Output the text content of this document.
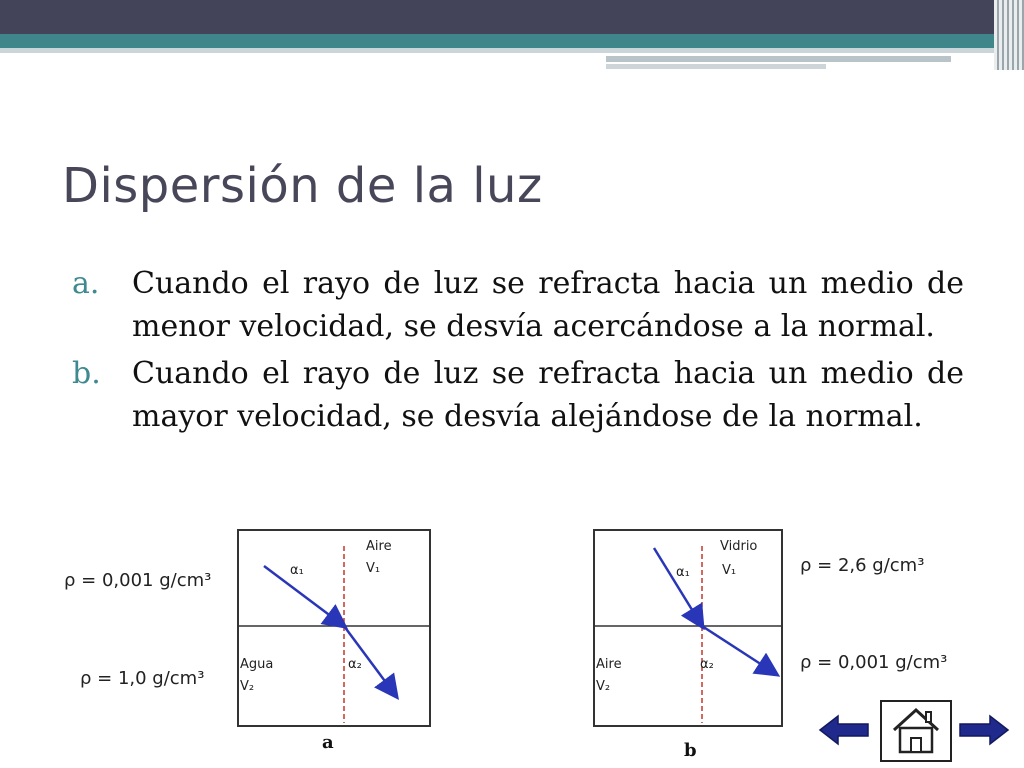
Dispersión de la luz
a. Cuando el rayo de luz se refracta hacia un medio de menor velocidad, se desvía acercándose a la normal.
b. Cuando el rayo de luz se refracta hacia un medio de mayor velocidad, se desvía alejándose de la normal.
Aire
V₁
α₁
Agua
V₂
α₂
ρ = 0,001 g/cm³
ρ = 1,0 g/cm³
a
Vidrio
V₁
α₁
Aire
V₂
α₂
ρ = 2,6 g/cm³
ρ = 0,001 g/cm³
b
